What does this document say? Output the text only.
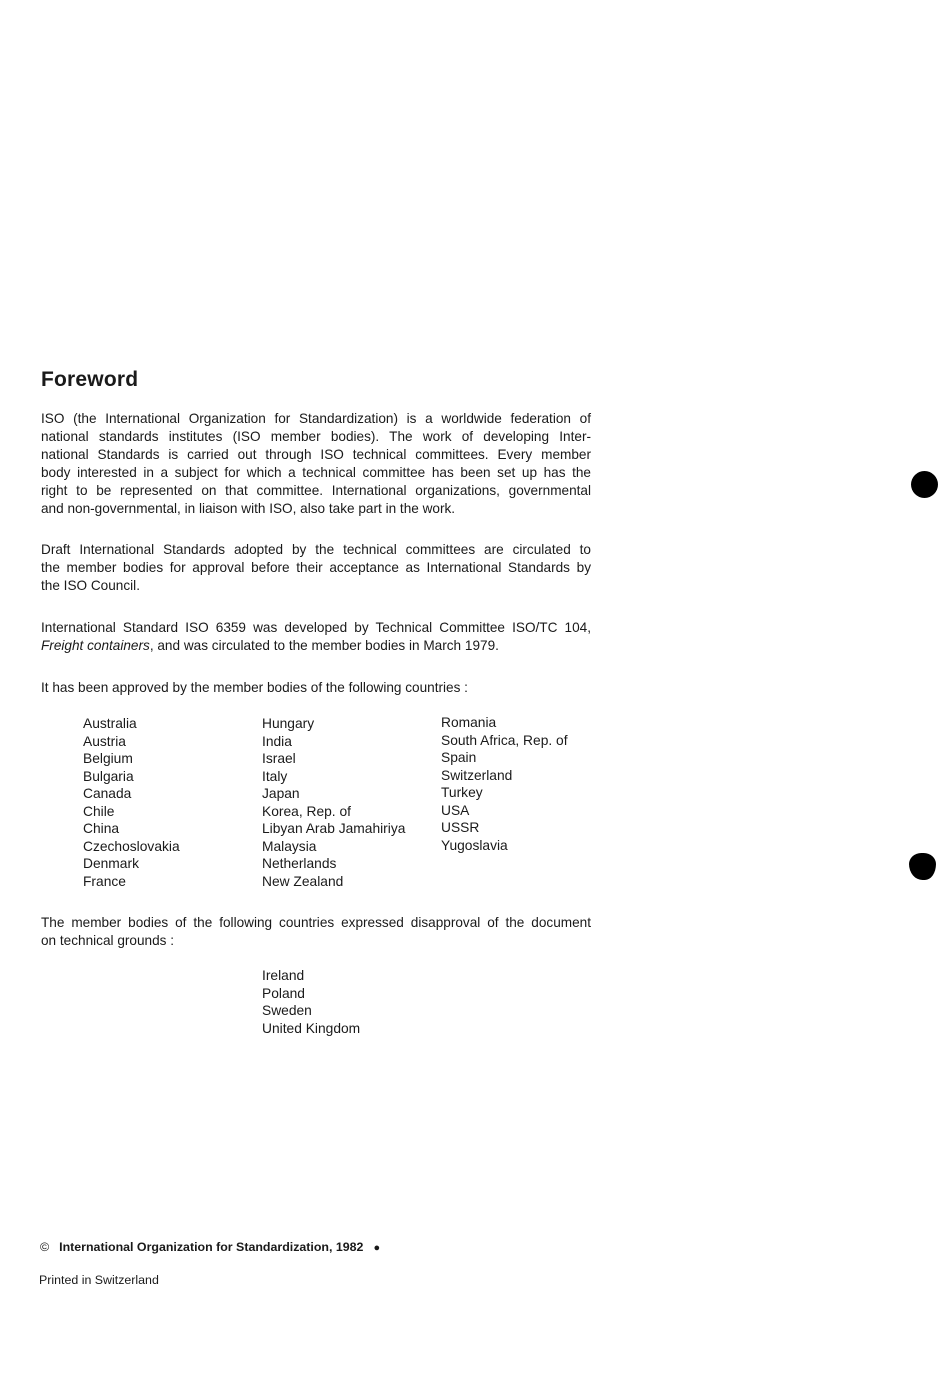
Foreword

ISO (the International Organization for Standardization) is a worldwide federation of
national standards institutes (ISO member bodies). The work of developing Inter-
national Standards is carried out through ISO technical committees. Every member
body interested in a subject for which a technical committee has been set up has the
right to be represented on that committee. International organizations, governmental
and non-governmental, in liaison with ISO, also take part in the work.

Draft International Standards adopted by the technical committees are circulated to
the member bodies for approval before their acceptance as International Standards by
the ISO Council.

International Standard ISO 6359 was developed by Technical Committee ISO/TC 104,
Freight containers, and was circulated to the member bodies in March 1979.

It has been approved by the member bodies of the following countries :

Australia
Austria
Belgium
Bulgaria
Canada
Chile
China
Czechoslovakia
Denmark
France
Hungary
India
Israel
Italy
Japan
Korea, Rep. of
Libyan Arab Jamahiriya
Malaysia
Netherlands
New Zealand
Romania
South Africa, Rep. of
Spain
Switzerland
Turkey
USA
USSR
Yugoslavia

The member bodies of the following countries expressed disapproval of the document
on technical grounds :

Ireland
Poland
Sweden
United Kingdom
© International Organization for Standardization, 1982 ●
Printed in Switzerland
